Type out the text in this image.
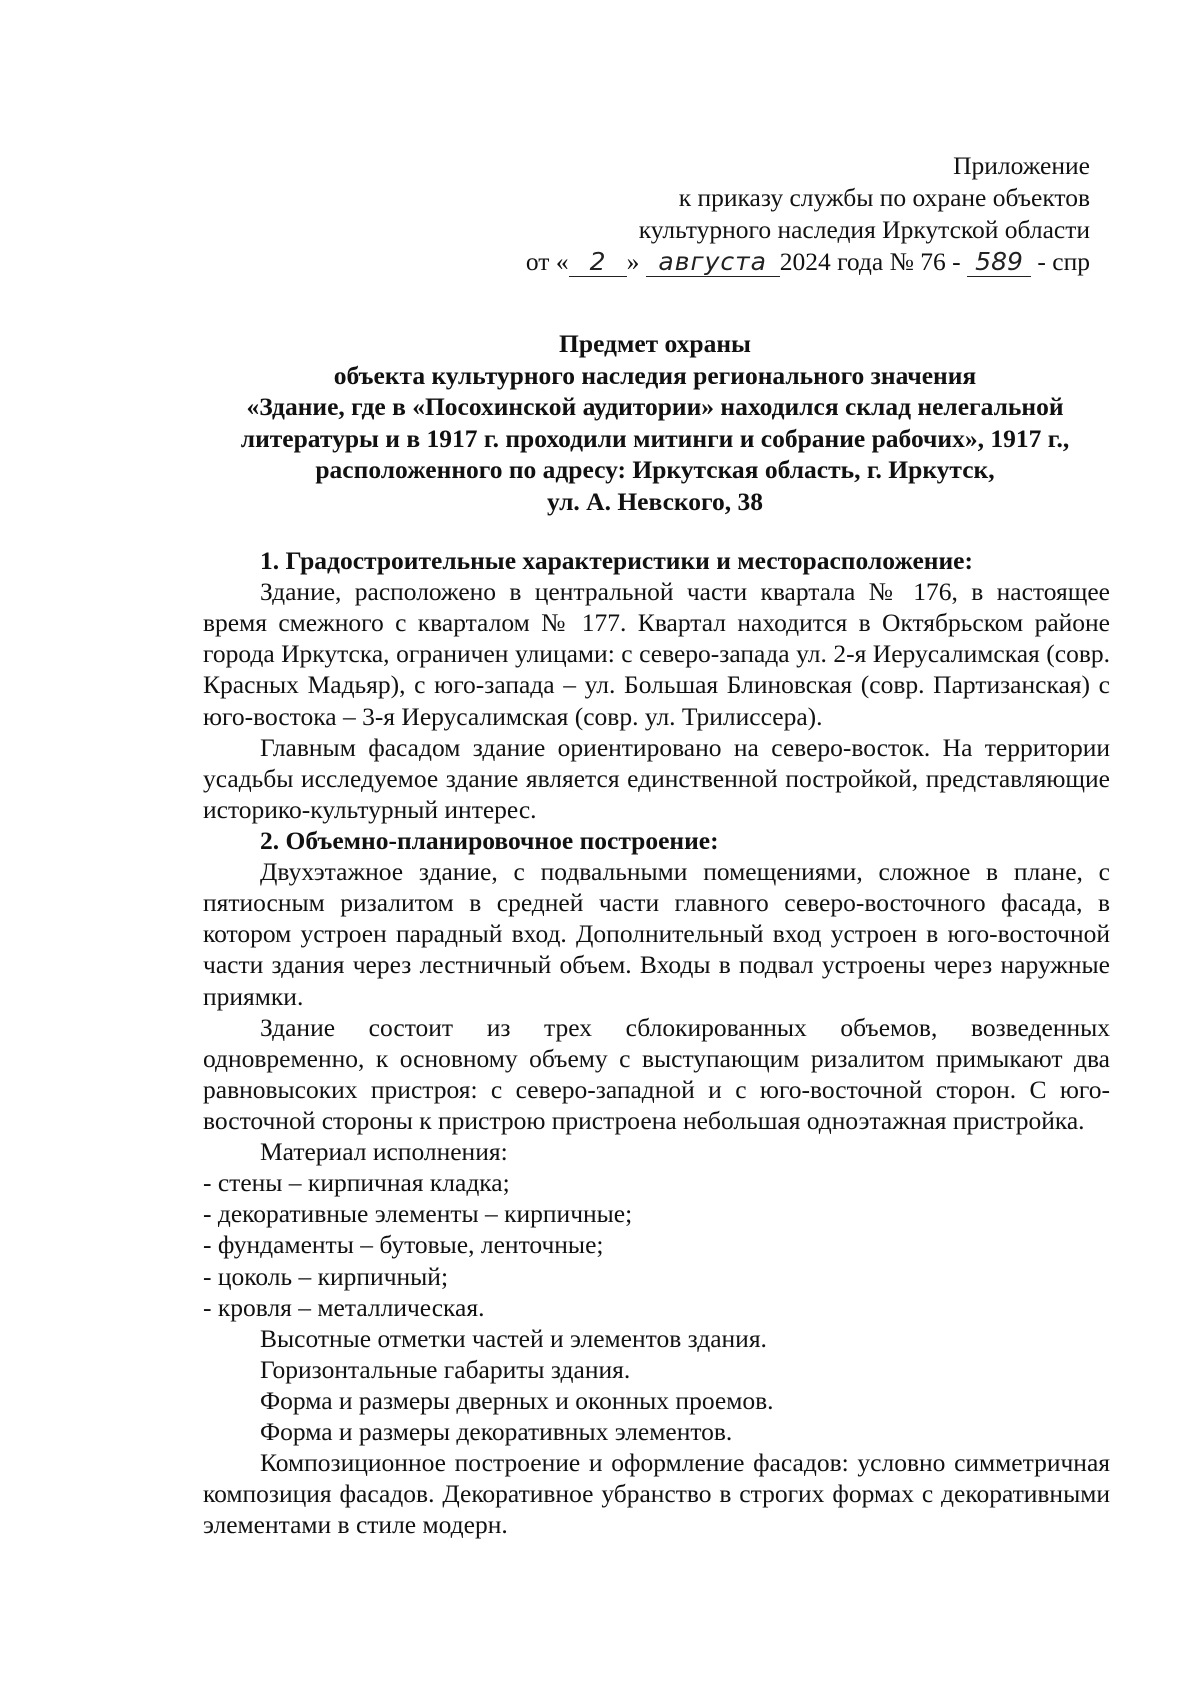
Приложение
к приказу службы по охране объектов
культурного наследия Иркутской области
от « 2 » августа 2024 года № 76 - 589 - спр
Предмет охраны
объекта культурного наследия регионального значения
«Здание, где в «Посохинской аудитории» находился склад нелегальной
литературы и в 1917 г. проходили митинги и собрание рабочих», 1917 г.,
расположенного по адресу: Иркутская область, г. Иркутск,
ул. А. Невского, 38

1. Градостроительные характеристики и месторасположение:

Здание, расположено в центральной части квартала № 176, в настоящее время смежного с кварталом № 177. Квартал находится в Октябрьском районе города Иркутска, ограничен улицами: с северо-запада ул. 2-я Иерусалимская (совр. Красных Мадьяр), с юго-запада – ул. Большая Блиновская (совр. Партизанская) с юго-востока – 3-я Иерусалимская (совр. ул. Трилиссера).

Главным фасадом здание ориентировано на северо-восток. На территории усадьбы исследуемое здание является единственной постройкой, представляющие историко-культурный интерес.

2. Объемно-планировочное построение:

Двухэтажное здание, с подвальными помещениями, сложное в плане, с пятиосным ризалитом в средней части главного северо-восточного фасада, в котором устроен парадный вход. Дополнительный вход устроен в юго-восточной части здания через лестничный объем. Входы в подвал устроены через наружные приямки.

Здание состоит из трех сблокированных объемов, возведенных одновременно, к основному объему с выступающим ризалитом примыкают два равновысоких пристроя: с северо-западной и с юго-восточной сторон. С юго-восточной стороны к пристрою пристроена небольшая одноэтажная пристройка.

Материал исполнения:

- стены – кирпичная кладка;

- декоративные элементы – кирпичные;

- фундаменты – бутовые, ленточные;

- цоколь – кирпичный;

- кровля – металлическая.

Высотные отметки частей и элементов здания.

Горизонтальные габариты здания.

Форма и размеры дверных и оконных проемов.

Форма и размеры декоративных элементов.

Композиционное построение и оформление фасадов: условно симметричная композиция фасадов. Декоративное убранство в строгих формах с декоративными элементами в стиле модерн.
